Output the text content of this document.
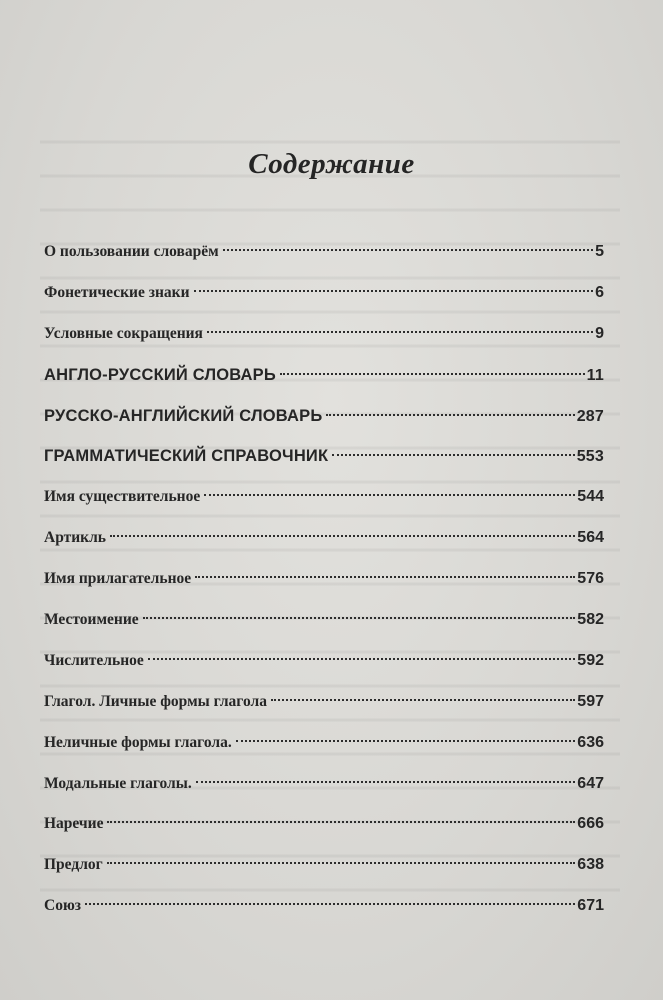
Содержание
О пользовании словарём	5
Фонетические знаки	6
Условные сокращения	9
АНГЛО-РУССКИЙ СЛОВАРЬ	11
РУССКО-АНГЛИЙСКИЙ СЛОВАРЬ	287
ГРАММАТИЧЕСКИЙ СПРАВОЧНИК	553
Имя существительное	544
Артикль	564
Имя прилагательное	576
Местоимение	582
Числительное	592
Глагол. Личные формы глагола	597
Неличные формы глагола.	636
Модальные глаголы.	647
Наречие	666
Предлог	638
Союз	671
